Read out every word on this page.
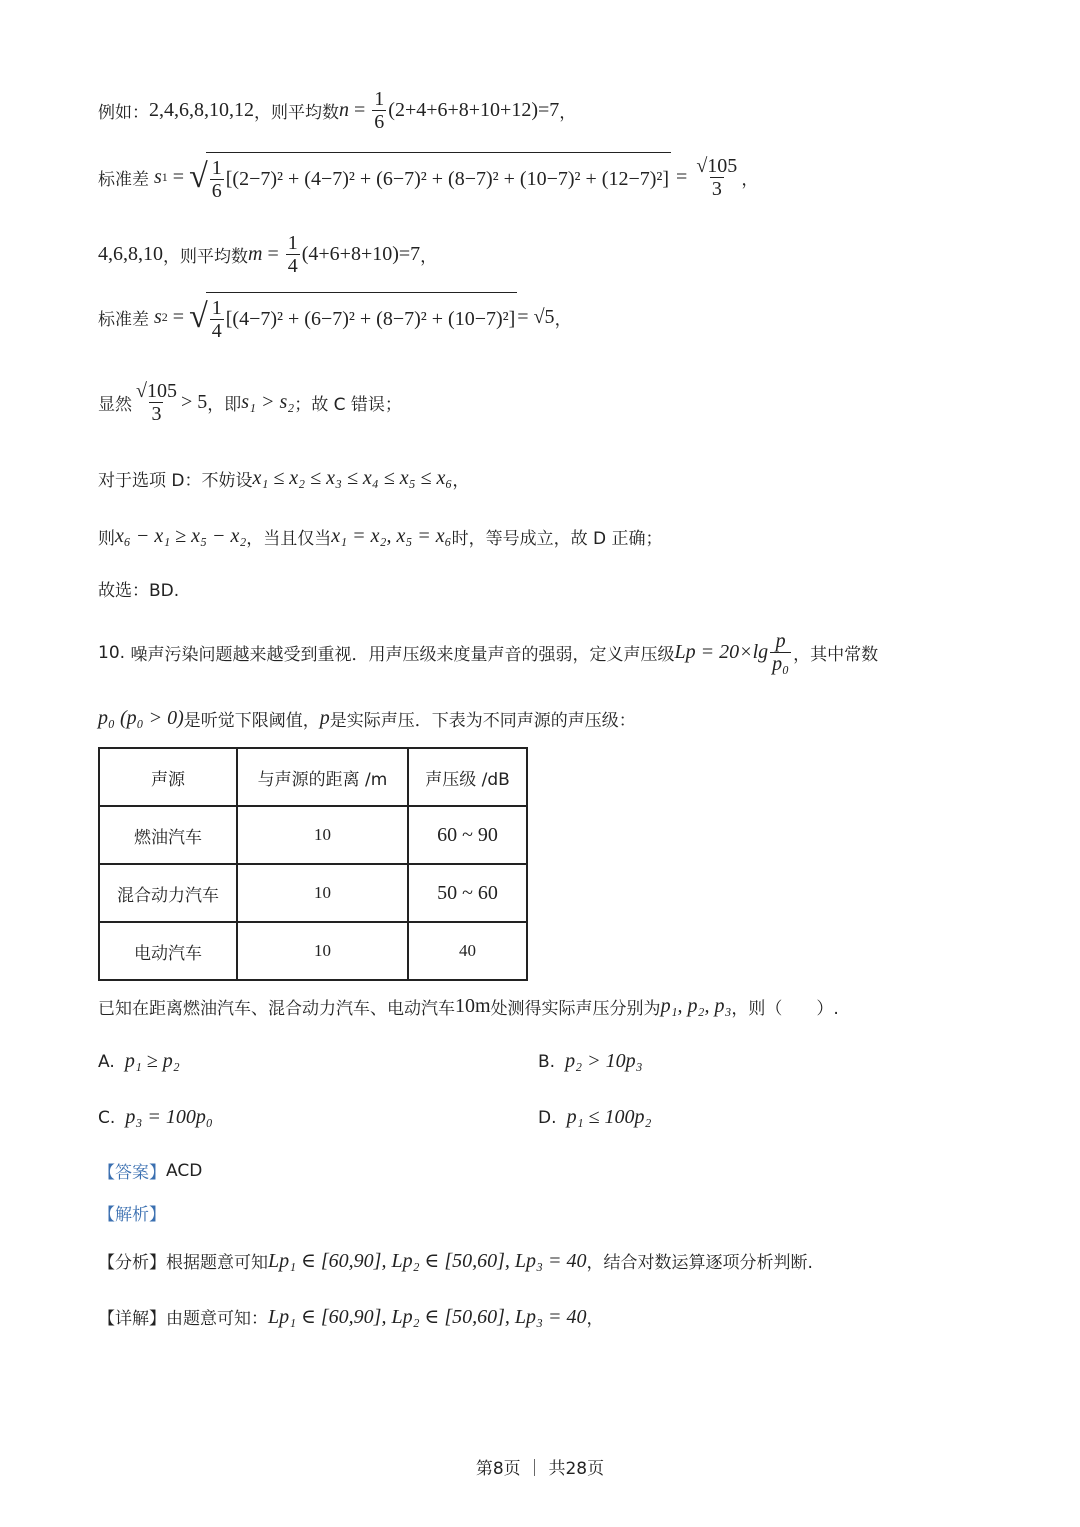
例如： 2,4,6,8,10,12 ，则平均数 $n = \frac{1}{6} (2+4+6+8+10+12)=7$ ，
标准差
s 1 = √ $\frac{1}{6} [(2-7)^2 + (4-7)^2 + (6-7)^2 + (8-7)^2 + (10-7)^2 + (12-7)^2] = \frac{√105}{3}$ ，
4,6,8,10 ，则平均数 $m = \frac{1}{4} (4+6+8+10)=7$ ，
标准差
s 2 = √ $\frac{1}{4} [(4-7)^2 + (6-7)^2 + (8-7)^2 + (10-7)^2] = √5$ ，
显然 $\frac{√105}{3} > 5$ ，即 s₁ > s₂ ；故 C 错误；
对于选项 D：不妨设 x₁ ≤ x₂ ≤ x₃ ≤ x₄ ≤ x₅ ≤ x₆ ，
则 x₆ − x₁ ≥ x₅ − x₂ ，当且仅当 x₁ = x₂, x₅ = x₆ 时，等号成立，故 D 正确；
故选：BD.
10.
噪声污染问题越来越受到重视．用声压级来度量声音的强弱，定义声压级 $Lp = 20\times\lg \frac{p}{\text{p₀}}$ ，其中常数
p₀ (p₀ > 0) 是听觉下限阈值， p 是实际声压．下表为不同声源的声压级：
声源	与声源的距离 /m	声压级 /dB
燃油汽车	10	60 ~ 90
混合动力汽车	10	50 ~ 60
电动汽车	10	40
已知在距离燃油汽车、混合动力汽车、电动汽车 10m 处测得实际声压分别为 p₁, p₂, p₃ ，则（　　）.
A. p₁ ≥ p₂	B. p₂ > 10p₃
C. p₃ = 100p₀	D. p₁ ≤ 100p₂
【答案】 ACD
【解析】
【分析】 根据题意可知 Lp₁ ∈ [60,90], Lp₂ ∈ [50,60], Lp₃ = 40 ，结合对数运算逐项分析判断.
【详解】 由题意可知： Lp₁ ∈ [60,90], Lp₂ ∈ [50,60], Lp₃ = 40 ，
第8页 ｜ 共28页
